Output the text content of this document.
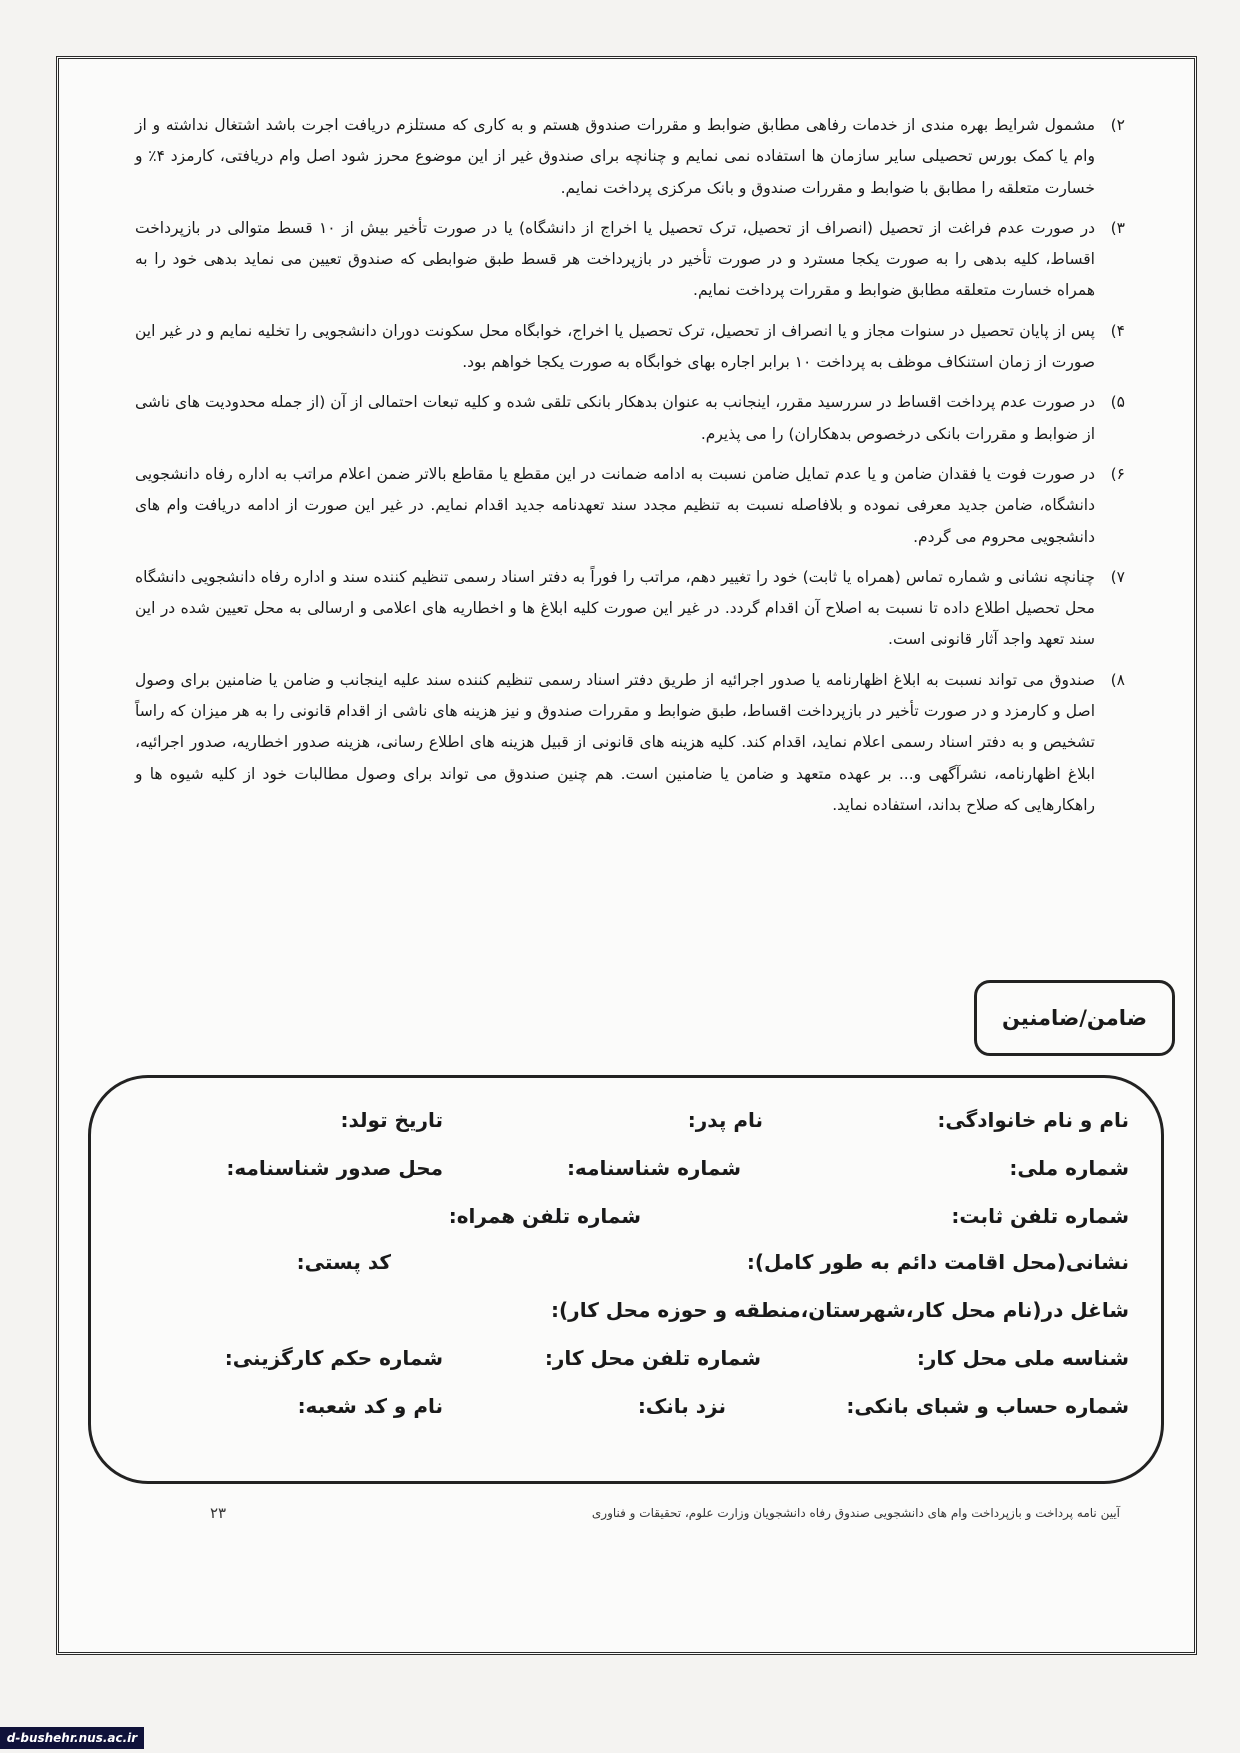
۲)
مشمول شرایط بهره مندی از خدمات رفاهی مطابق ضوابط و مقررات صندوق هستم و به کاری که مستلزم دریافت اجرت باشد اشتغال نداشته و از وام یا کمک بورس تحصیلی سایر سازمان ها استفاده نمی نمایم و چنانچه برای صندوق غیر از این موضوع محرز شود اصل وام دریافتی، کارمزد ۴٪ و خسارت متعلقه را مطابق با ضوابط و مقررات صندوق و بانک مرکزی پرداخت نمایم.
۳)
در صورت عدم فراغت از تحصیل (انصراف از تحصیل، ترک تحصیل یا اخراج از دانشگاه) یا در صورت تأخیر بیش از ۱۰ قسط متوالی در بازپرداخت اقساط، کلیه بدهی را به صورت یکجا مسترد و در صورت تأخیر در بازپرداخت هر قسط طبق ضوابطی که صندوق تعیین می نماید بدهی خود را به همراه خسارت متعلقه مطابق ضوابط و مقررات پرداخت نمایم.
۴)
پس از پایان تحصیل در سنوات مجاز و یا انصراف از تحصیل، ترک تحصیل یا اخراج، خوابگاه محل سکونت دوران دانشجویی را تخلیه نمایم و در غیر این صورت از زمان استنکاف موظف به پرداخت ۱۰ برابر اجاره بهای خوابگاه به صورت یکجا خواهم بود.
۵)
در صورت عدم پرداخت اقساط در سررسید مقرر، اینجانب به عنوان بدهکار بانکی تلقی شده و کلیه تبعات احتمالی از آن (از جمله محدودیت های ناشی از ضوابط و مقررات بانکی درخصوص بدهکاران) را می پذیرم.
۶)
در صورت فوت یا فقدان ضامن و یا عدم تمایل ضامن نسبت به ادامه ضمانت در این مقطع یا مقاطع بالاتر ضمن اعلام مراتب به اداره رفاه دانشجویی دانشگاه، ضامن جدید معرفی نموده و بلافاصله نسبت به تنظیم مجدد سند تعهدنامه جدید اقدام نمایم. در غیر این صورت از ادامه دریافت وام های دانشجویی محروم می گردم.
۷)
چنانچه نشانی و شماره تماس (همراه یا ثابت) خود را تغییر دهم، مراتب را فوراً به دفتر اسناد رسمی تنظیم کننده سند و اداره رفاه دانشجویی دانشگاه محل تحصیل اطلاع داده تا نسبت به اصلاح آن اقدام گردد. در غیر این صورت کلیه ابلاغ ها و اخطاریه های اعلامی و ارسالی به محل تعیین شده در این سند تعهد واجد آثار قانونی است.
۸)
صندوق می تواند نسبت به ابلاغ اظهارنامه یا صدور اجرائیه از طریق دفتر اسناد رسمی تنظیم کننده سند علیه اینجانب و ضامن یا ضامنین برای وصول اصل و کارمزد و در صورت تأخیر در بازپرداخت اقساط، طبق ضوابط و مقررات صندوق و نیز هزینه های ناشی از اقدام قانونی را به هر میزان که راساً تشخیص و به دفتر اسناد رسمی اعلام نماید، اقدام کند. کلیه هزینه های قانونی از قبیل هزینه های اطلاع رسانی، هزینه صدور اخطاریه، صدور اجرائیه، ابلاغ اظهارنامه، نشرآگهی و... بر عهده متعهد و ضامن یا ضامنین است. هم چنین صندوق می تواند برای وصول مطالبات خود از کلیه شیوه ها و راهکارهایی که صلاح بداند، استفاده نماید.
ضامن/ضامنین
نام و نام خانوادگی:
نام پدر:
تاریخ تولد:
شماره ملی:
شماره شناسنامه:
محل صدور شناسنامه:
شماره تلفن ثابت:
شماره تلفن همراه:
نشانی(محل اقامت دائم به طور کامل):
کد پستی:
شاغل در(نام محل کار،شهرستان،منطقه و حوزه محل کار):
شناسه ملی محل کار:
شماره تلفن محل کار:
شماره حکم کارگزینی:
شماره حساب و شبای بانکی:
نزد بانک:
نام و کد شعبه:
آیین نامه پرداخت و بازپرداخت وام های دانشجویی صندوق رفاه دانشجویان وزارت علوم، تحقیقات و فناوری
۲۳
d-bushehr.nus.ac.ir
